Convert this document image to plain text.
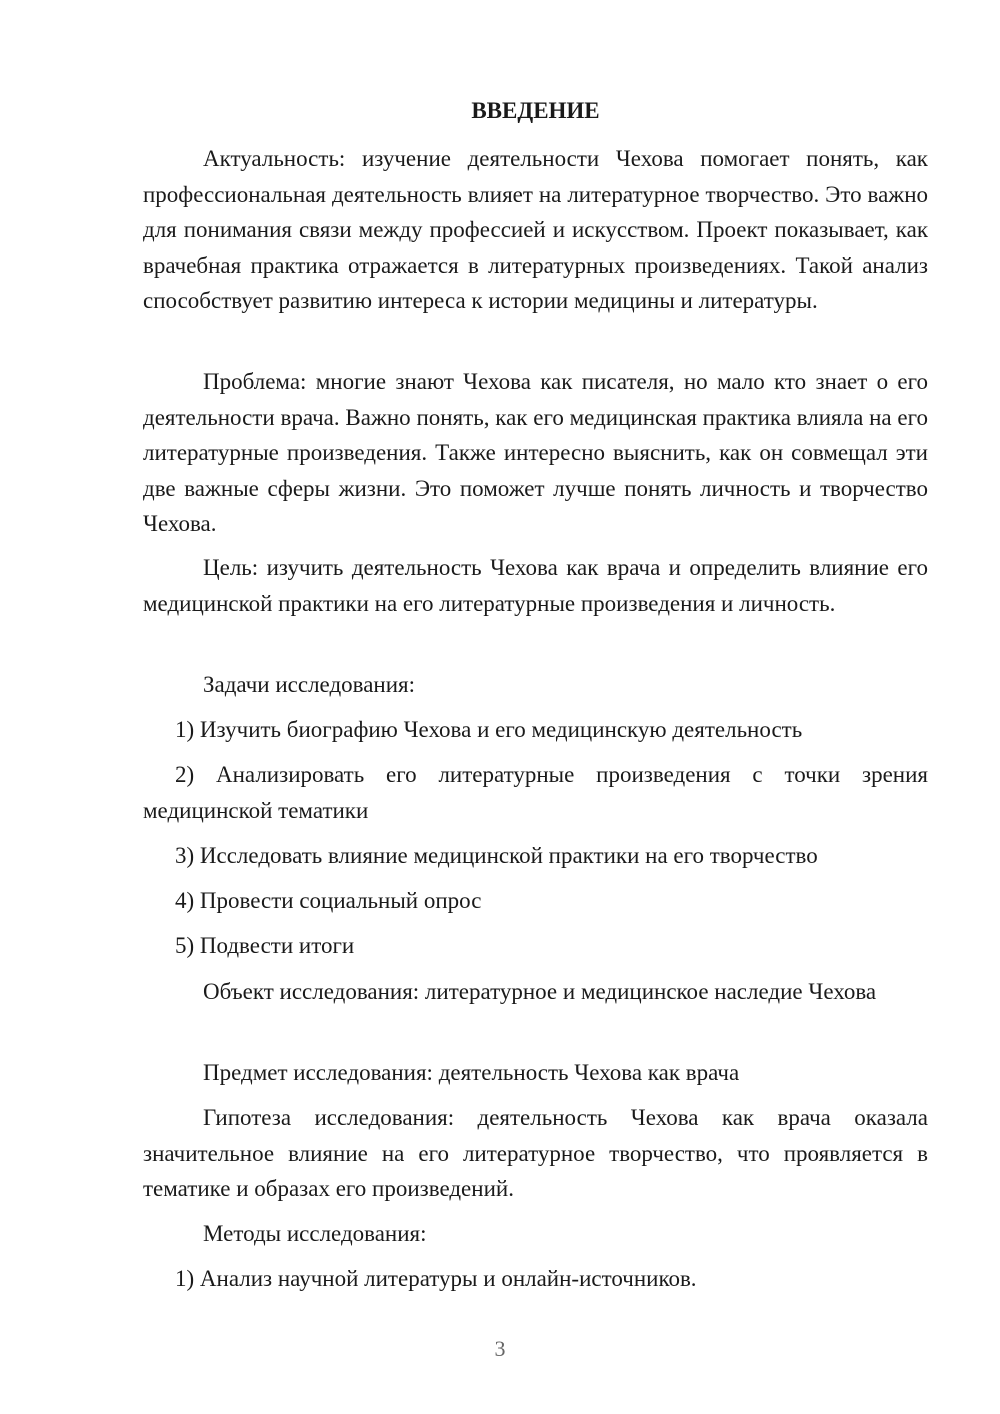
ВВЕДЕНИЕ

Актуальность: изучение деятельности Чехова помогает понять, как профессиональная деятельность влияет на литературное творчество. Это важно для понимания связи между профессией и искусством. Проект показывает, как врачебная практика отражается в литературных произведениях. Такой анализ способствует развитию интереса к истории медицины и литературы.

Проблема: многие знают Чехова как писателя, но мало кто знает о его деятельности врача. Важно понять, как его медицинская практика влияла на его литературные произведения. Также интересно выяснить, как он совмещал эти две важные сферы жизни. Это поможет лучше понять личность и творчество Чехова.

Цель: изучить деятельность Чехова как врача и определить влияние его медицинской практики на его литературные произведения и личность.

Задачи исследования:

1) Изучить биографию Чехова и его медицинскую деятельность

2) Анализировать его литературные произведения с точки зрения медицинской тематики

3) Исследовать влияние медицинской практики на его творчество

4) Провести социальный опрос

5) Подвести итоги

Объект исследования: литературное и медицинское наследие Чехова

Предмет исследования: деятельность Чехова как врача

Гипотеза исследования: деятельность Чехова как врача оказала значительное влияние на его литературное творчество, что проявляется в тематике и образах его произведений.

Методы исследования:

1) Анализ научной литературы и онлайн-источников.

3
